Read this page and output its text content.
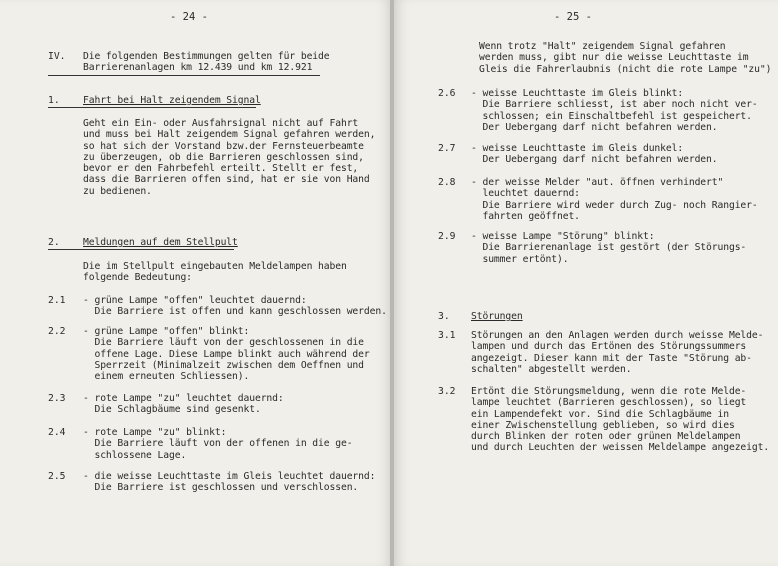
- 24 -
IV. Die folgenden Bestimmungen gelten für beide
Barrierenanlagen km 12.439 und km 12.921
1. Fahrt bei Halt zeigendem Signal
Geht ein Ein- oder Ausfahrsignal nicht auf Fahrt
und muss bei Halt zeigendem Signal gefahren werden,
so hat sich der Vorstand bzw.der Fernsteuerbeamte
zu überzeugen, ob die Barrieren geschlossen sind,
bevor er den Fahrbefehl erteilt. Stellt er fest,
dass die Barrieren offen sind, hat er sie von Hand
zu bedienen.
2. Meldungen auf dem Stellpult
Die im Stellpult eingebauten Meldelampen haben
folgende Bedeutung:
2.1 - grüne Lampe "offen" leuchtet dauernd:
Die Barriere ist offen und kann geschlossen werden.
2.2 - grüne Lampe "offen" blinkt:
Die Barriere läuft von der geschlossenen in die
offene Lage. Diese Lampe blinkt auch während der
Sperrzeit (Minimalzeit zwischen dem Oeffnen und
einem erneuten Schliessen).
2.3 - rote Lampe "zu" leuchtet dauernd:
Die Schlagbäume sind gesenkt.
2.4 - rote Lampe "zu" blinkt:
Die Barriere läuft von der offenen in die ge-
schlossene Lage.
2.5 - die weisse Leuchttaste im Gleis leuchtet dauernd:
Die Barriere ist geschlossen und verschlossen.
- 25 -
Wenn trotz "Halt" zeigendem Signal gefahren
werden muss, gibt nur die weisse Leuchttaste im
Gleis die Fahrerlaubnis (nicht die rote Lampe "zu")
2.6 - weisse Leuchttaste im Gleis blinkt:
Die Barriere schliesst, ist aber noch nicht ver-
schlossen; ein Einschaltbefehl ist gespeichert.
Der Uebergang darf nicht befahren werden.
2.7 - weisse Leuchttaste im Gleis dunkel:
Der Uebergang darf nicht befahren werden.
2.8 - der weisse Melder "aut. öffnen verhindert"
leuchtet dauernd:
Die Barriere wird weder durch Zug- noch Rangier-
fahrten geöffnet.
2.9 - weisse Lampe "Störung" blinkt:
Die Barrierenanlage ist gestört (der Störungs-
summer ertönt).
3. Störungen
3.1 Störungen an den Anlagen werden durch weisse Melde-
lampen und durch das Ertönen des Störungssummers
angezeigt. Dieser kann mit der Taste "Störung ab-
schalten" abgestellt werden.
3.2 Ertönt die Störungsmeldung, wenn die rote Melde-
lampe leuchtet (Barrieren geschlossen), so liegt
ein Lampendefekt vor. Sind die Schlagbäume in
einer Zwischenstellung geblieben, so wird dies
durch Blinken der roten oder grünen Meldelampen
und durch Leuchten der weissen Meldelampe angezeigt.
